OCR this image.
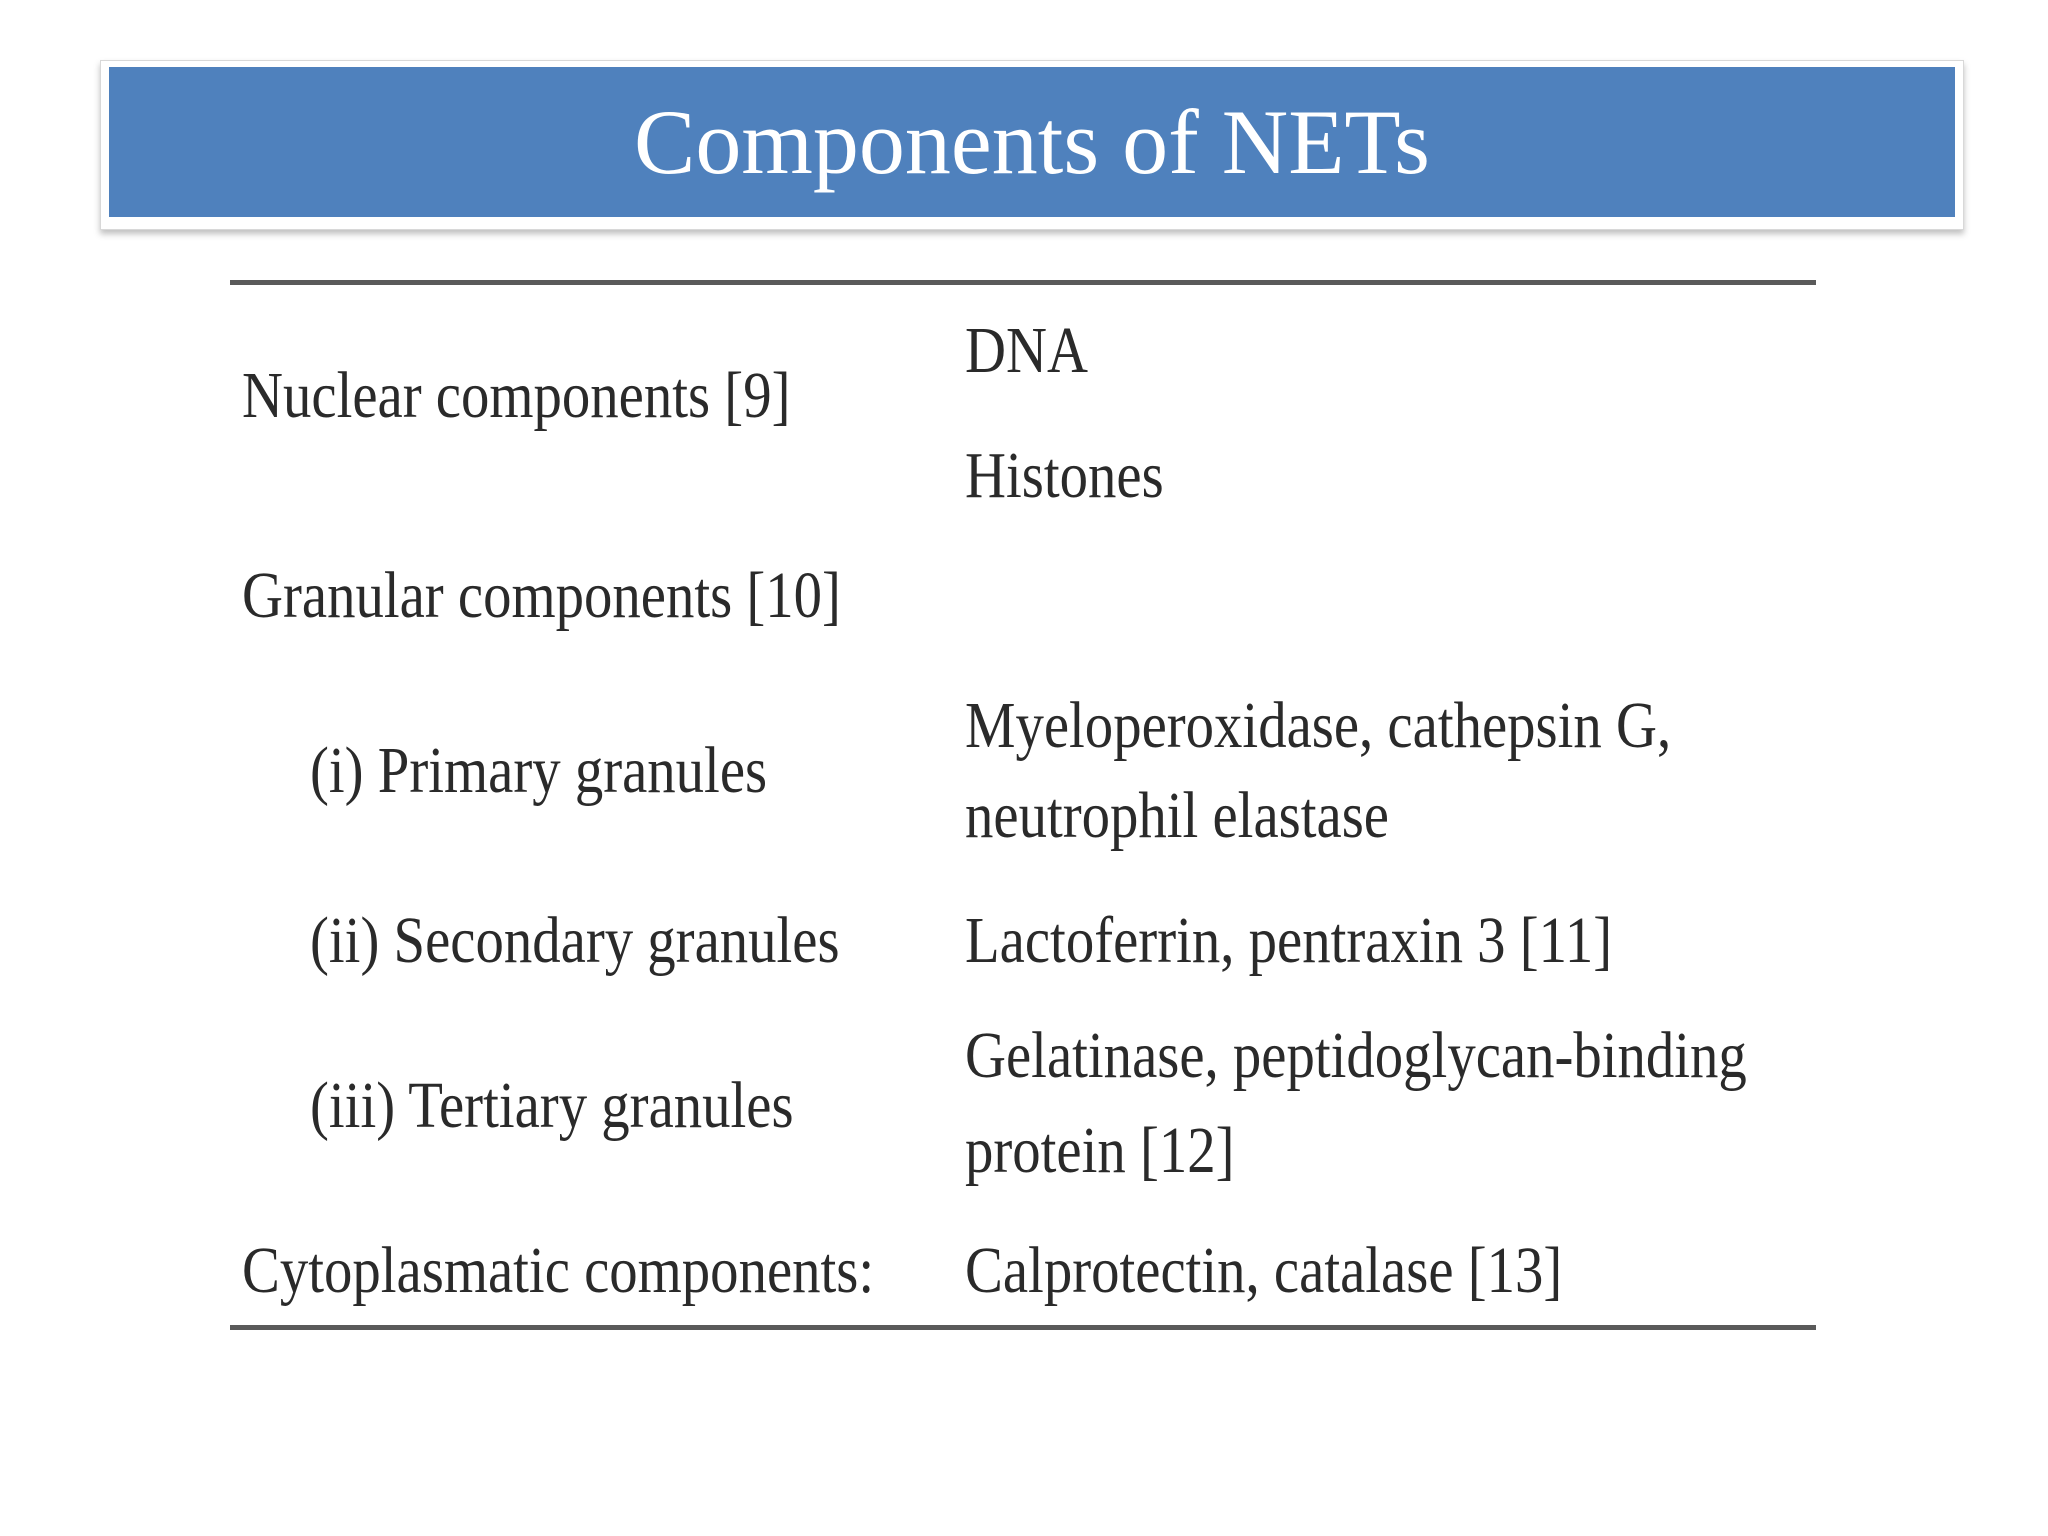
Components of NETs
Nuclear components [9]
DNA
Histones
Granular components [10]
(i) Primary granules
Myeloperoxidase, cathepsin G,
neutrophil elastase
(ii) Secondary granules Lactoferrin, pentraxin 3 [11]
(iii) Tertiary granules
Gelatinase, peptidoglycan-binding
protein [12]
Cytoplasmatic components: Calprotectin, catalase [13]
